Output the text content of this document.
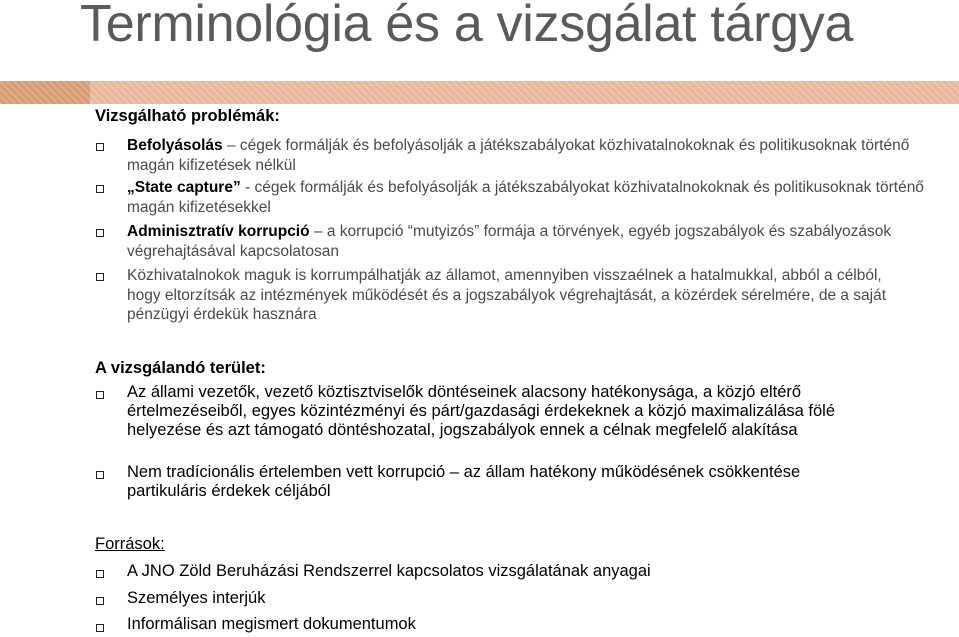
Terminológia és a vizsgálat tárgya
Vizsgálható problémák:
Befolyásolás – cégek formálják és befolyásolják a játékszabályokat közhivatalnokoknak és politikusoknak történő magán kifizetések nélkül
„State capture” - cégek formálják és befolyásolják a játékszabályokat közhivatalnokoknak és politikusoknak történő magán kifizetésekkel
Adminisztratív korrupció – a korrupció “mutyizós” formája a törvények, egyéb jogszabályok és szabályozások végrehajtásával kapcsolatosan
Közhivatalnokok maguk is korrumpálhatják az államot, amennyiben visszaélnek a hatalmukkal, abból a célból, hogy eltorzítsák az intézmények működését és a jogszabályok végrehajtását, a közérdek sérelmére, de a saját pénzügyi érdekük hasznára
A vizsgálandó terület:
Az állami vezetők, vezető köztisztviselők döntéseinek alacsony hatékonysága, a közjó eltérő értelmezéseiből, egyes közintézményi és párt/gazdasági érdekeknek a közjó maximalizálása fölé helyezése és azt támogató döntéshozatal, jogszabályok ennek a célnak megfelelő alakítása
Nem tradícionális értelemben vett korrupció – az állam hatékony működésének csökkentése partikuláris érdekek céljából
Források:
A JNO Zöld Beruházási Rendszerrel kapcsolatos vizsgálatának anyagai
Személyes interjúk
Informálisan megismert dokumentumok
